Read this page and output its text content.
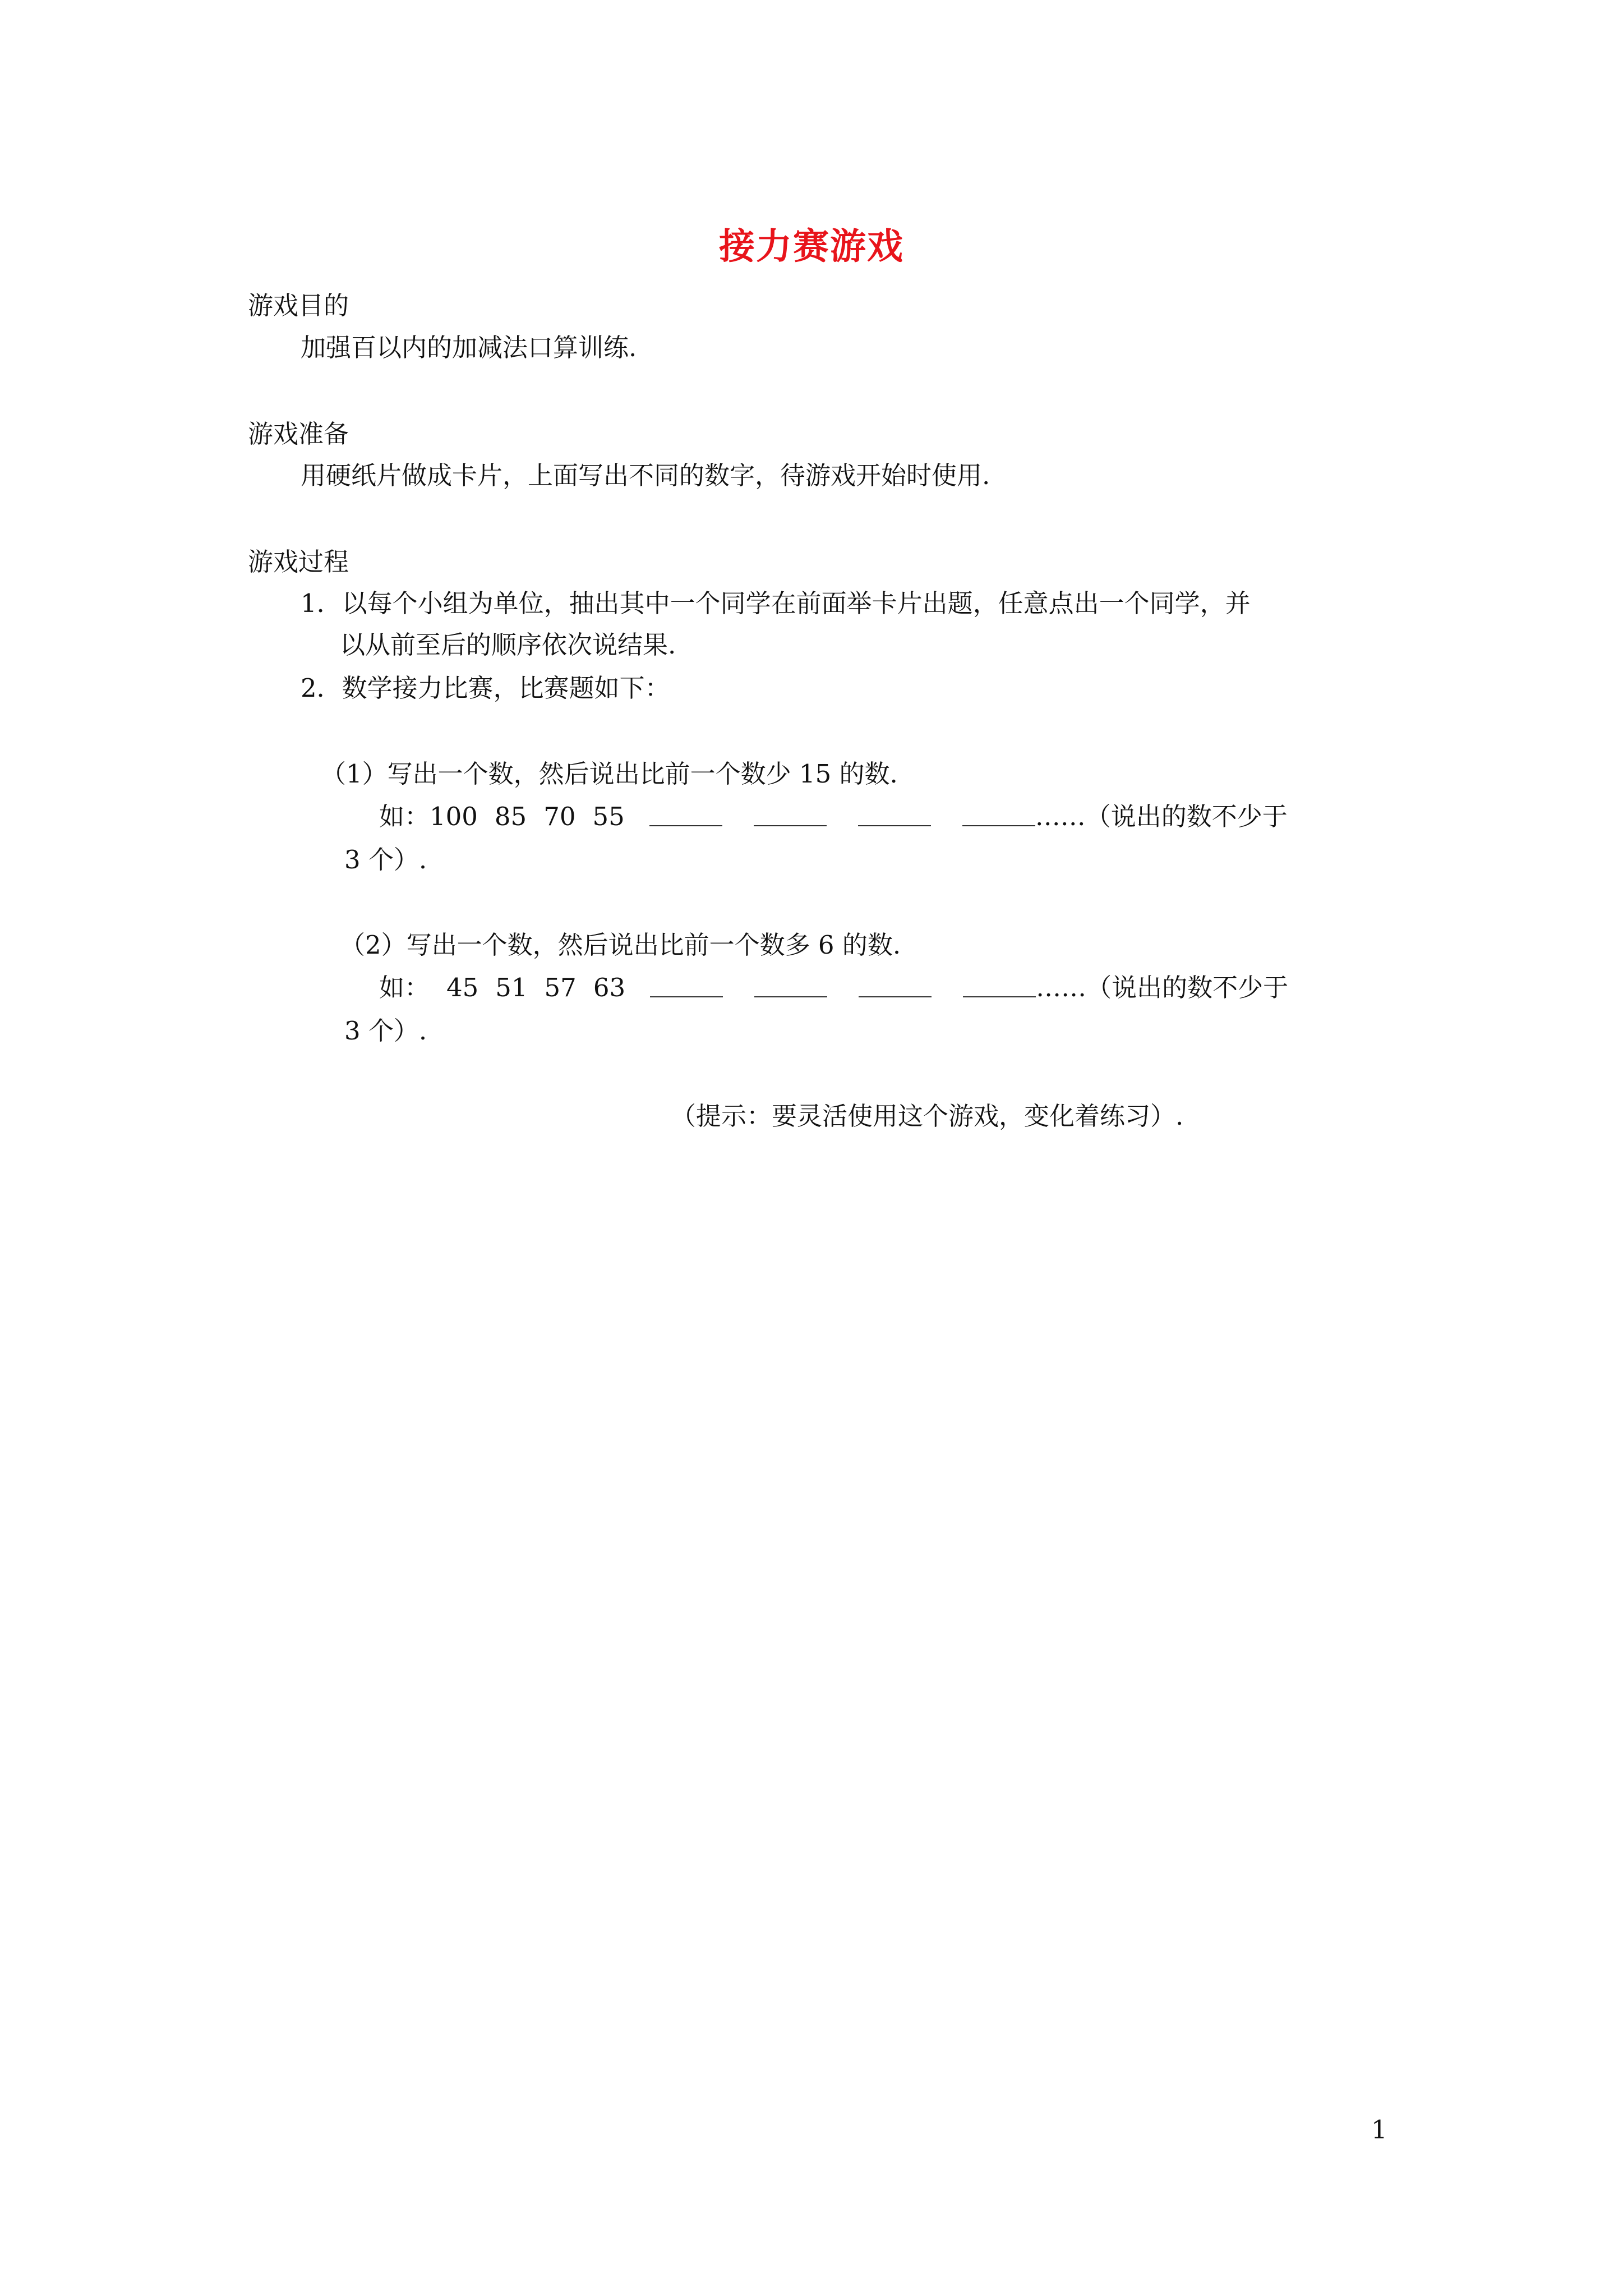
接力赛游戏
游戏目的
加强百以内的加减法口算训练.
游戏准备
用硬纸片做成卡片，上面写出不同的数字，待游戏开始时使用.
游戏过程
1．以每个小组为单位，抽出其中一个同学在前面举卡片出题，任意点出一个同学，并
以从前至后的顺序依次说结果.
2．数学接力比赛，比赛题如下：
（1）写出一个数，然后说出比前一个数少 15 的数.
如：100 85 70 55	……（说出的数不少于
3 个）.
（2）写出一个数，然后说出比前一个数多 6 的数.
如： 45 51 57 63	……（说出的数不少于
3 个）.
（提示：要灵活使用这个游戏，变化着练习）.
1
